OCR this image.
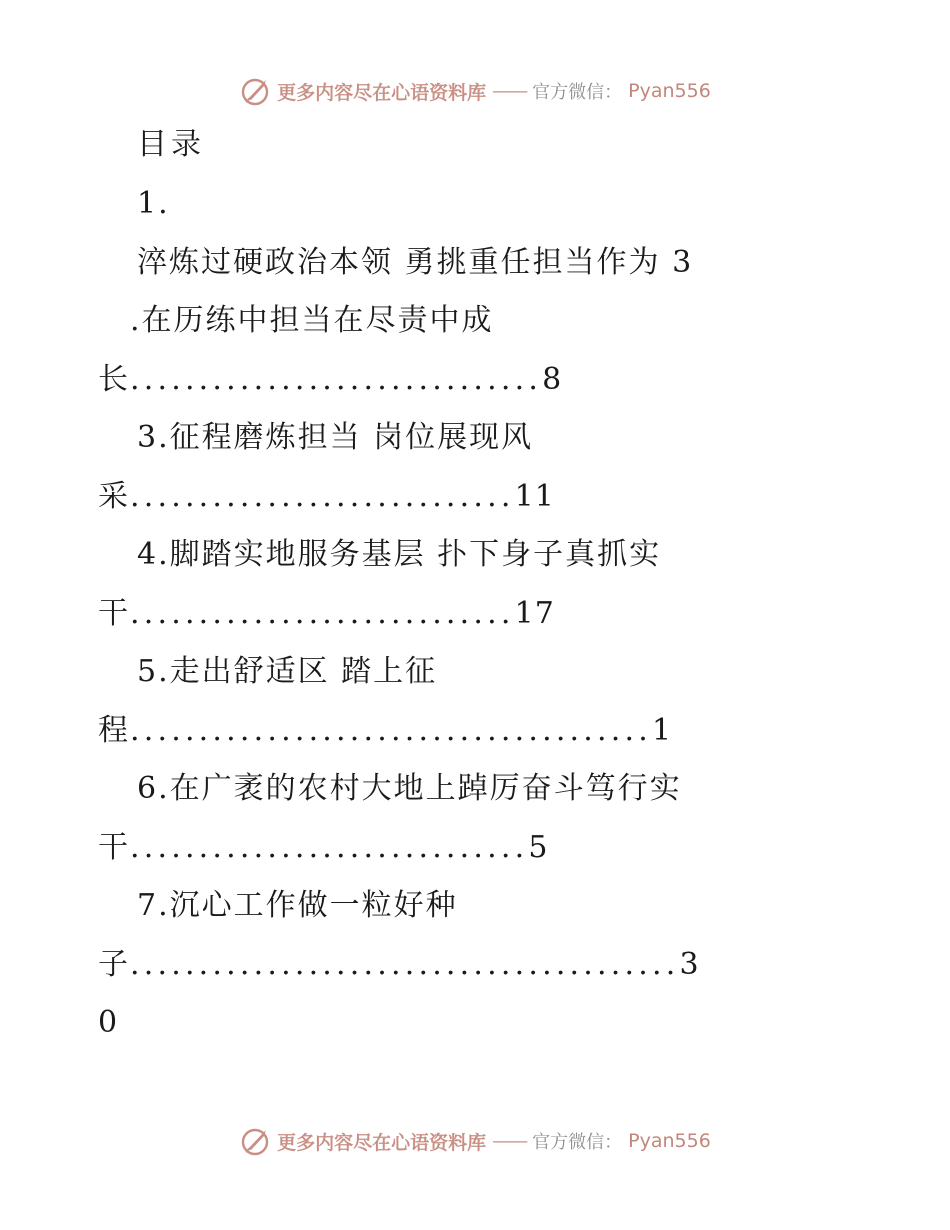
更多内容尽在心语资料库 —— 官方微信： Pyan556
目录
1.
淬炼过硬政治本领 勇挑重任担当作为 3
.在历练中担当在尽责中成
长..............................8
3.征程磨炼担当 岗位展现风
采............................11
4.脚踏实地服务基层 扑下身子真抓实
干............................17
5.走出舒适区 踏上征
程......................................1
6.在广袤的农村大地上踔厉奋斗笃行实
干.............................5
7.沉心工作做一粒好种
子........................................3
0
更多内容尽在心语资料库 —— 官方微信： Pyan556
